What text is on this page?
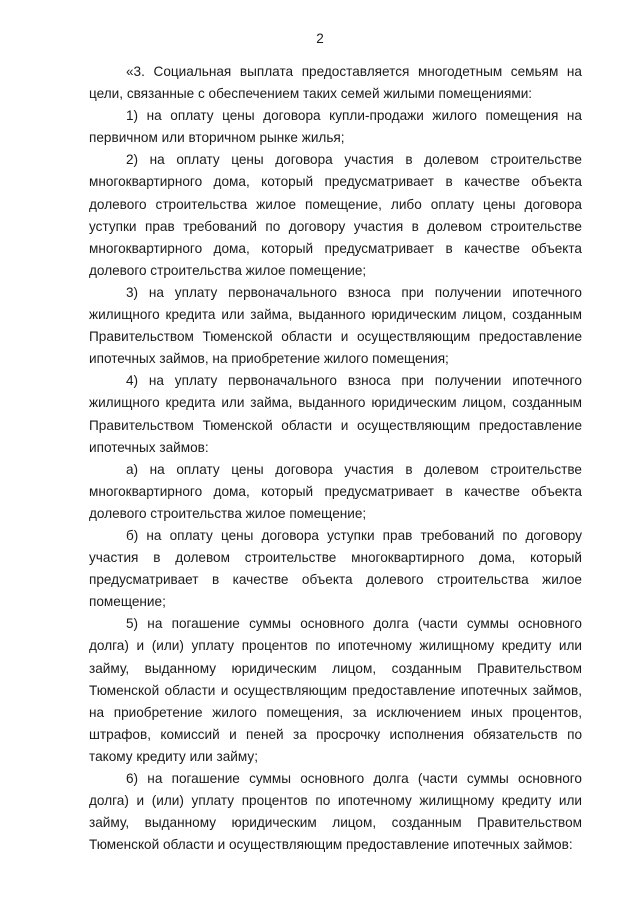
2

«3. Социальная выплата предоставляется многодетным семьям на цели, связанные с обеспечением таких семей жилыми помещениями:

1) на оплату цены договора купли-продажи жилого помещения на первичном или вторичном рынке жилья;

2) на оплату цены договора участия в долевом строительстве многоквартирного дома, который предусматривает в качестве объекта долевого строительства жилое помещение, либо оплату цены договора уступки прав требований по договору участия в долевом строительстве многоквартирного дома, который предусматривает в качестве объекта долевого строительства жилое помещение;

3) на уплату первоначального взноса при получении ипотечного жилищного кредита или займа, выданного юридическим лицом, созданным Правительством Тюменской области и осуществляющим предоставление ипотечных займов, на приобретение жилого помещения;

4) на уплату первоначального взноса при получении ипотечного жилищного кредита или займа, выданного юридическим лицом, созданным Правительством Тюменской области и осуществляющим предоставление ипотечных займов:

а) на оплату цены договора участия в долевом строительстве многоквартирного дома, который предусматривает в качестве объекта долевого строительства жилое помещение;

б) на оплату цены договора уступки прав требований по договору участия в долевом строительстве многоквартирного дома, который предусматривает в качестве объекта долевого строительства жилое помещение;

5) на погашение суммы основного долга (части суммы основного долга) и (или) уплату процентов по ипотечному жилищному кредиту или займу, выданному юридическим лицом, созданным Правительством Тюменской области и осуществляющим предоставление ипотечных займов, на приобретение жилого помещения, за исключением иных процентов, штрафов, комиссий и пеней за просрочку исполнения обязательств по такому кредиту или займу;

6) на погашение суммы основного долга (части суммы основного долга) и (или) уплату процентов по ипотечному жилищному кредиту или займу, выданному юридическим лицом, созданным Правительством Тюменской области и осуществляющим предоставление ипотечных займов:
